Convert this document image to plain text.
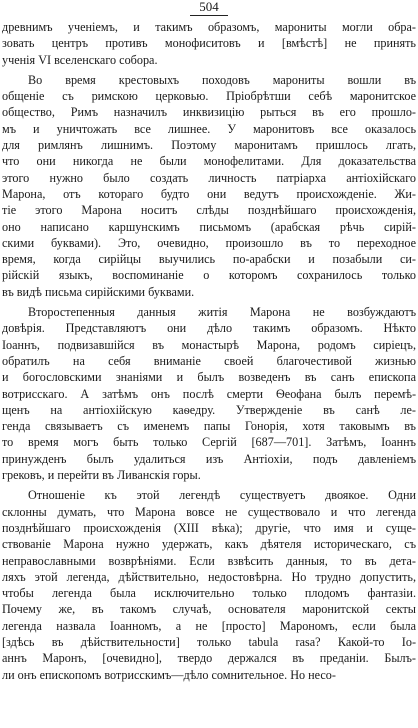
504
древнимъ ученіемъ, и такимъ образомъ, марониты могли обра-
зовать центръ противъ монофиситовъ и [вмѣстѣ] не принять
ученія VI вселенскаго собора.
Во время крестовыхъ походовъ марониты вошли въ
общеніе съ римскою церковью. Пріобрѣтши себѣ маронитское
общество, Римъ назначилъ инквизицію рыться въ его прошло-
мъ и уничтожать все лишнее. У маронитовъ все оказалось
для римлянъ лишнимъ. Поэтому маронитамъ пришлось лгать,
что они никогда не были монофелитами. Для доказательства
этого нужно было создать личность патріарха антіохійскаго
Марона, отъ котораго будто они ведутъ происхожденіе. Жи-
тіе этого Марона носитъ слѣды позднѣйшаго происхожденія,
оно написано каршунскимъ письмомъ (арабская рѣчь сирій-
скими буквами). Это, очевидно, произошло въ то переходное
время, когда сирійцы выучились по-арабски и позабыли си-
рійскій языкъ, воспоминаніе о которомъ сохранилось только
въ видѣ письма сирійскими буквами.
Второстепенныя данныя житія Марона не возбуждаютъ
довѣрія. Представляютъ они дѣло такимъ образомъ. Нѣкто
Іоаннъ, подвизавшійся въ монастырѣ Марона, родомъ сиріецъ,
обратилъ на себя вниманіе своей благочестивой жизнью
и богословскими знаніями и былъ возведенъ въ санъ епископа
вотрисскаго. А затѣмъ онъ послѣ смерти Ѳеофана былъ перемѣ-
щенъ на антіохійскую каѳедру. Утвержденіе въ санѣ ле-
генда связываетъ съ именемъ папы Гонорія, хотя таковымъ въ
то время могъ быть только Сергій [687—701]. Затѣмъ, Іоаннъ
принужденъ былъ удалиться изъ Антіохіи, подъ давленіемъ
грековъ, и перейти въ Ливанскія горы.
Отношеніе къ этой легендѣ существуетъ двоякое. Одни
склонны думать, что Марона вовсе не существовало и что легенда
позднѣйшаго происхожденія (XIII вѣка); другіе, что имя и суще-
ствованіе Марона нужно удержать, какъ дѣятеля историческаго, съ
неправославными возврѣніями. Если взвѣсить данныя, то въ дета-
ляхъ этой легенда, дѣйствительно, недостовѣрна. Но трудно допустить,
чтобы легенда была исключительно только плодомъ фантазіи.
Почему же, въ такомъ случаѣ, основателя маронитской секты
легенда назвала Іоанномъ, а не [просто] Марономъ, если была
[здѣсь въ дѣйствительности] только tabula rasa? Какой-то Іо-
аннъ Маронъ, [очевидно], твердо держался въ преданіи. Былъ-
ли онъ епископомъ вотрисскимъ—дѣло сомнительное. Но несо-
